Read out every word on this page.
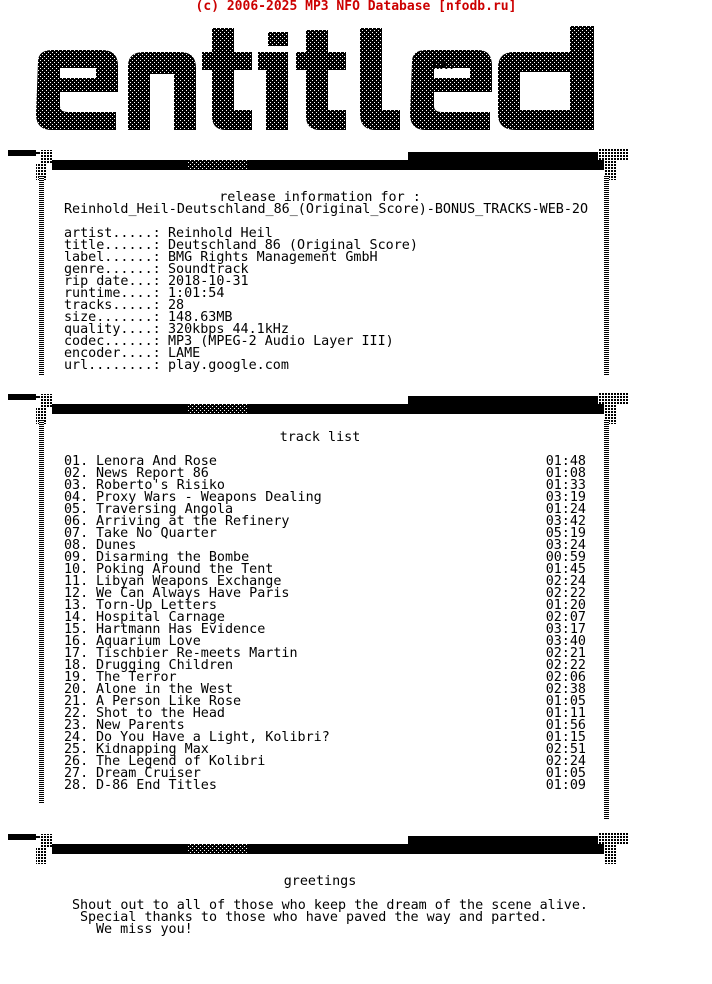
(c) 2006-2025 MP3 NFO Database [nfodb.ru]
hX!
release information for :
Reinhold_Heil-Deutschland_86_(Original_Score)-BONUS_TRACKS-WEB-2O
artist.....: Reinhold Heil
title......: Deutschland 86 (Original Score)
label......: BMG Rights Management GmbH
genre......: Soundtrack
rip date...: 2018-10-31
runtime....: 1:01:54
tracks.....: 28
size.......: 148.63MB
quality....: 320kbps 44.1kHz
codec......: MP3 (MPEG-2 Audio Layer III)
encoder....: LAME
url........: play.google.com
track list
01. Lenora And Rose	01:48
02. News Report 86	01:08
03. Roberto's Risiko	01:33
04. Proxy Wars - Weapons Dealing	03:19
05. Traversing Angola	01:24
06. Arriving at the Refinery	03:42
07. Take No Quarter	05:19
08. Dunes	03:24
09. Disarming the Bombe	00:59
10. Poking Around the Tent	01:45
11. Libyan Weapons Exchange	02:24
12. We Can Always Have Paris	02:22
13. Torn-Up Letters	01:20
14. Hospital Carnage	02:07
15. Hartmann Has Evidence	03:17
16. Aquarium Love	03:40
17. Tischbier Re-meets Martin	02:21
18. Drugging Children	02:22
19. The Terror	02:06
20. Alone in the West	02:38
21. A Person Like Rose	01:05
22. Shot to the Head	01:11
23. New Parents	01:56
24. Do You Have a Light, Kolibri?	01:15
25. Kidnapping Max	02:51
26. The Legend of Kolibri	02:24
27. Dream Cruiser	01:05
28. D-86 End Titles	01:09
greetings
Shout out to all of those who keep the dream of the scene alive.
Special thanks to those who have paved the way and parted.
We miss you!
